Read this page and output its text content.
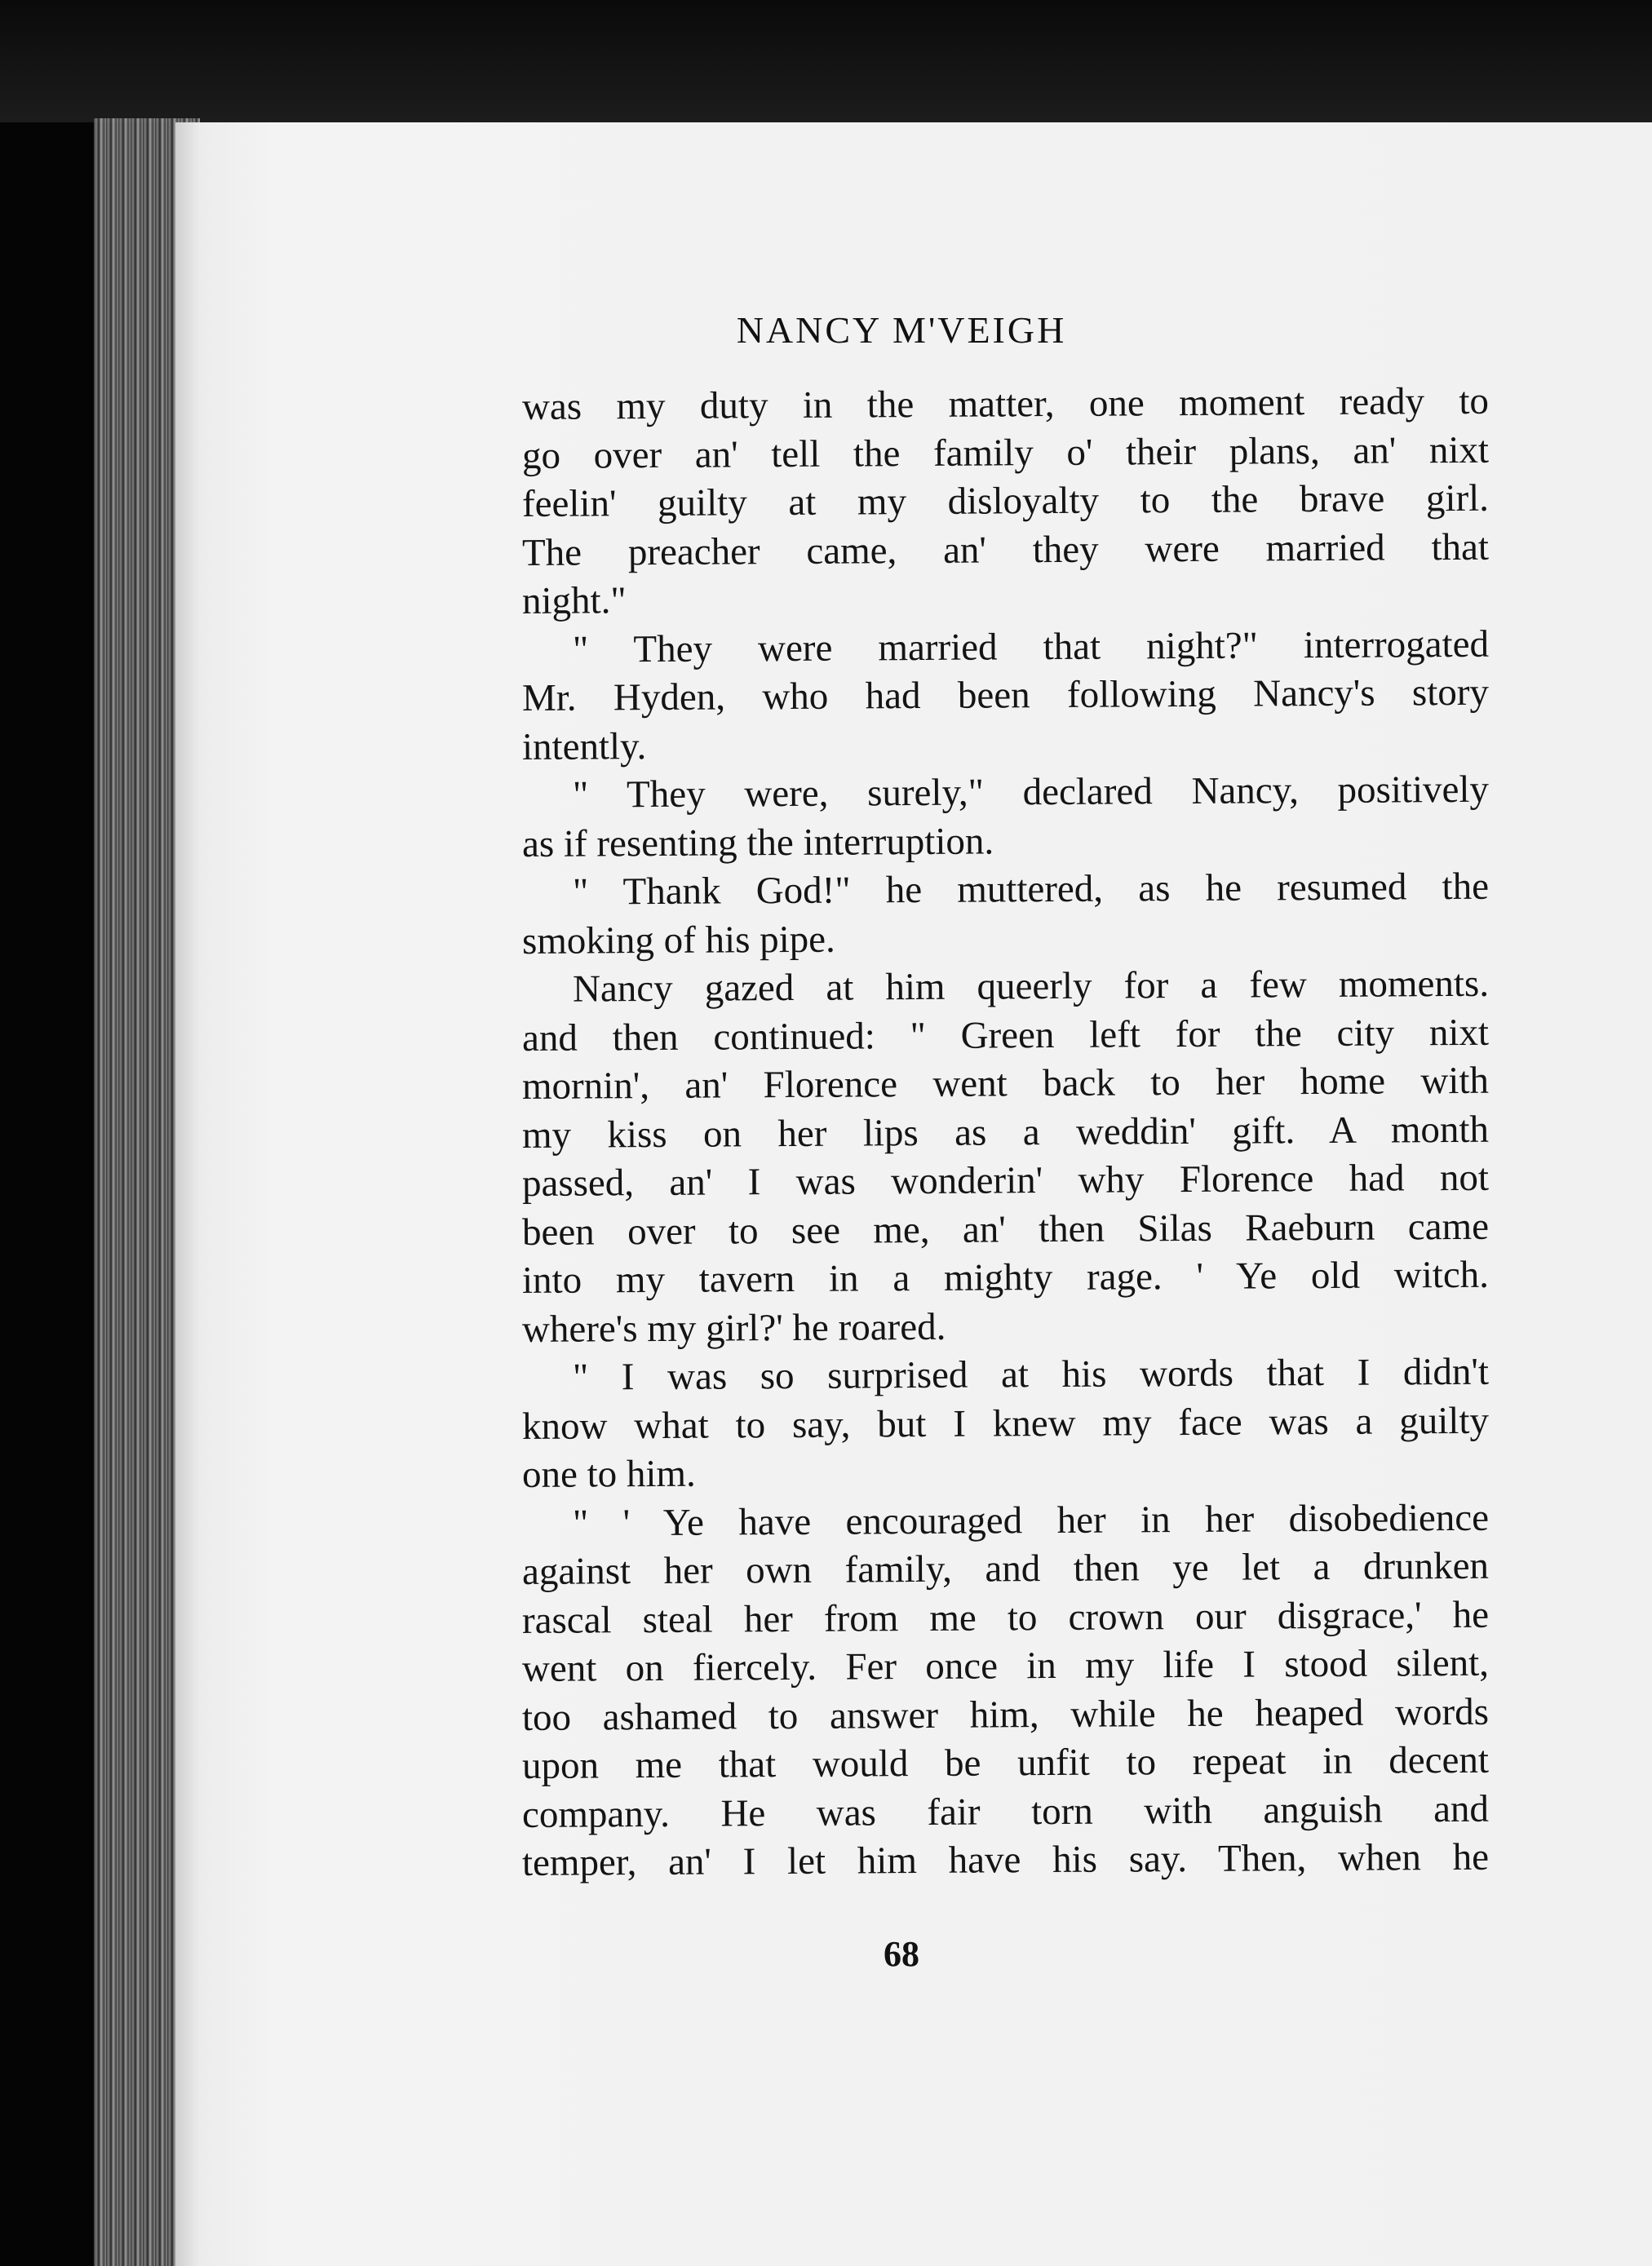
NANCY M'VEIGH
was my duty in the matter, one moment ready to
go over an' tell the family o' their plans, an' nixt
feelin' guilty at my disloyalty to the brave girl.
The preacher came, an' they were married that
night."
" They were married that night?" interrogated
Mr. Hyden, who had been following Nancy's story
intently.
" They were, surely," declared Nancy, positively
as if resenting the interruption.
" Thank God!" he muttered, as he resumed the
smoking of his pipe.
Nancy gazed at him queerly for a few moments.
and then continued: " Green left for the city nixt
mornin', an' Florence went back to her home with
my kiss on her lips as a weddin' gift. A month
passed, an' I was wonderin' why Florence had not
been over to see me, an' then Silas Raeburn came
into my tavern in a mighty rage. ' Ye old witch.
where's my girl?' he roared.
" I was so surprised at his words that I didn't
know what to say, but I knew my face was a guilty
one to him.
" ' Ye have encouraged her in her disobedience
against her own family, and then ye let a drunken
rascal steal her from me to crown our disgrace,' he
went on fiercely. Fer once in my life I stood silent,
too ashamed to answer him, while he heaped words
upon me that would be unfit to repeat in decent
company. He was fair torn with anguish and
temper, an' I let him have his say. Then, when he
68
